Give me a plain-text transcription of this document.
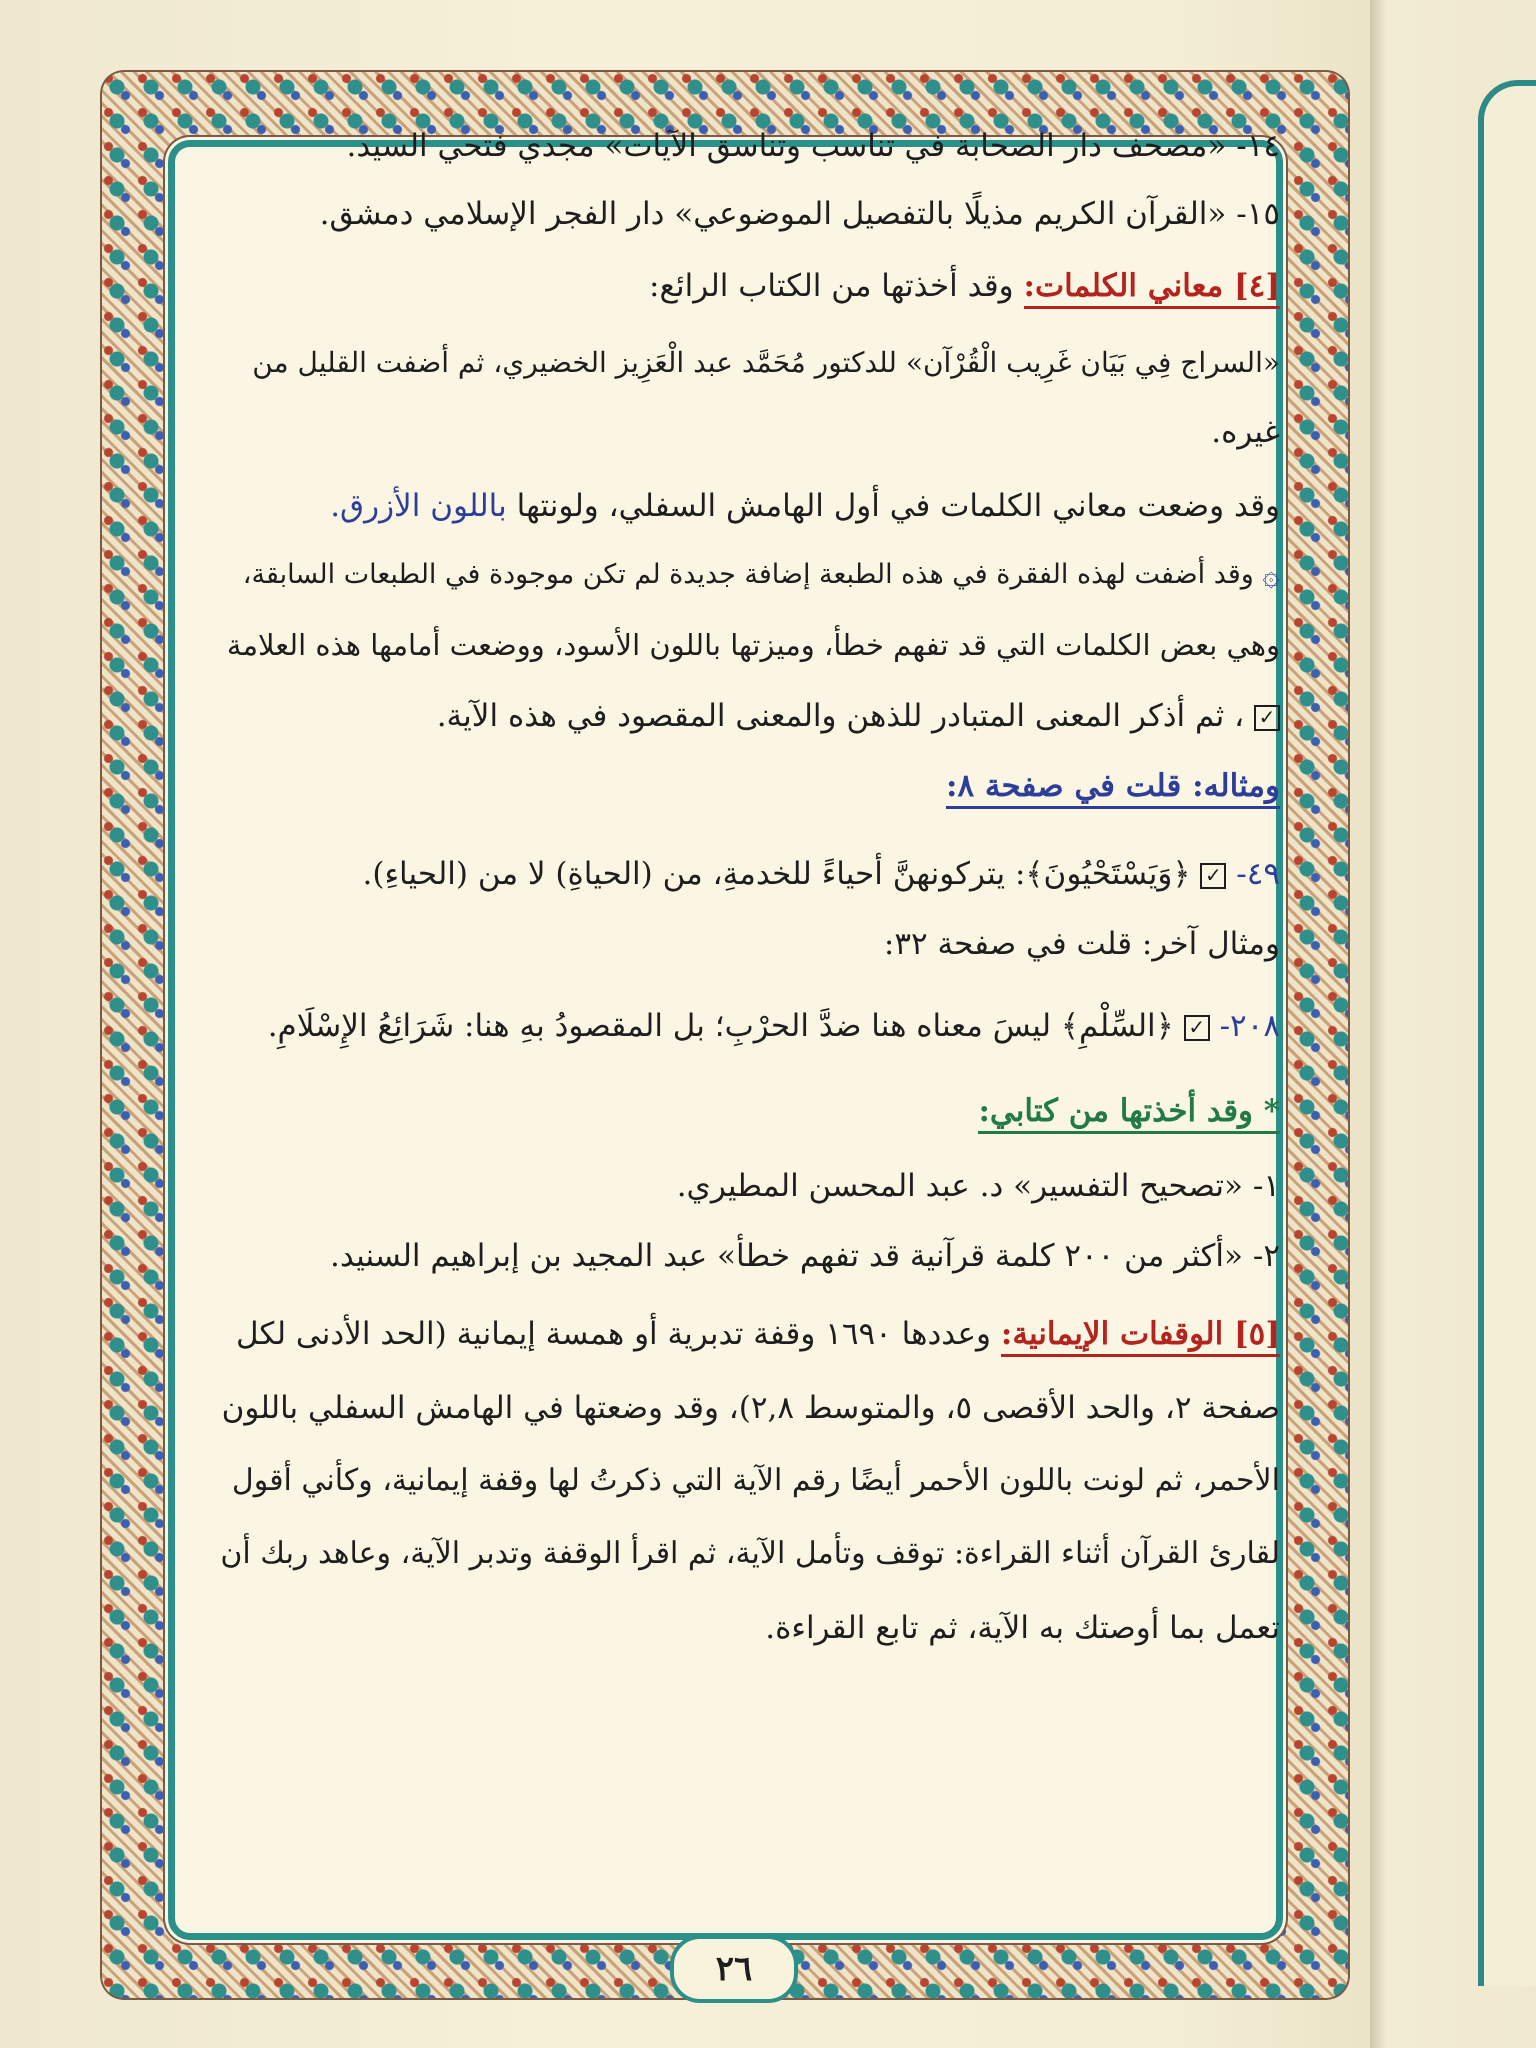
١٤- «مصحف دار الصحابة في تناسب وتناسق الآيات» مجدي فتحي السيد.
١٥- «القرآن الكريم مذيلًا بالتفصيل الموضوعي» دار الفجر الإسلامي دمشق.
[٤] معاني الكلمات: وقد أخذتها من الكتاب الرائع:
«السراج فِي بَيَان غَرِيب الْقُرْآن» للدكتور مُحَمَّد عبد الْعَزِيز الخضيري، ثم أضفت القليل من
غيره.
وقد وضعت معاني الكلمات في أول الهامش السفلي، ولونتها باللون الأزرق.
۞ وقد أضفت لهذه الفقرة في هذه الطبعة إضافة جديدة لم تكن موجودة في الطبعات السابقة،
وهي بعض الكلمات التي قد تفهم خطأ، وميزتها باللون الأسود، ووضعت أمامها هذه العلامة
✓ ، ثم أذكر المعنى المتبادر للذهن والمعنى المقصود في هذه الآية.
ومثاله: قلت في صفحة ٨:
٤٩- ✓ ﴿وَيَسْتَحْيُونَ﴾: يتركونهنَّ أحياءً للخدمةِ، من (الحياةِ) لا من (الحياءِ).
ومثال آخر: قلت في صفحة ٣٢:
٢٠٨- ✓ ﴿السِّلْمِ﴾ ليسَ معناه هنا ضدَّ الحرْبِ؛ بل المقصودُ بهِ هنا: شَرَائِعُ الإِسْلَامِ.
* وقد أخذتها من كتابي:
١- «تصحيح التفسير» د. عبد المحسن المطيري.
٢- «أكثر من ٢٠٠ كلمة قرآنية قد تفهم خطأ» عبد المجيد بن إبراهيم السنيد.
[٥] الوقفات الإيمانية: وعددها ١٦٩٠ وقفة تدبرية أو همسة إيمانية (الحد الأدنى لكل
صفحة ٢، والحد الأقصى ٥، والمتوسط ٢,٨)، وقد وضعتها في الهامش السفلي باللون
الأحمر، ثم لونت باللون الأحمر أيضًا رقم الآية التي ذكرتُ لها وقفة إيمانية، وكأني أقول
لقارئ القرآن أثناء القراءة: توقف وتأمل الآية، ثم اقرأ الوقفة وتدبر الآية، وعاهد ربك أن
تعمل بما أوصتك به الآية، ثم تابع القراءة.
٢٦
